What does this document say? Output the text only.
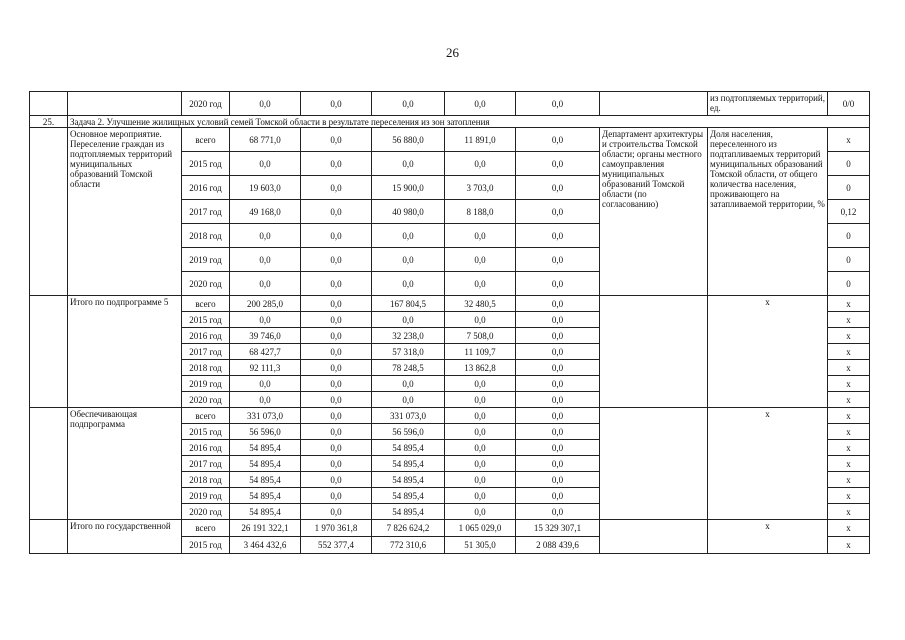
26
		2020 год	0,0	0,0	0,0	0,0	0,0		из подтопляемых территорий, ед.	0/0
25.	Задача 2. Улучшение жилищных условий семей Томской области в результате переселения из зон затопления									
	Основное мероприятие. Переселение граждан из подтопляемых территорий муниципальных образований Томской области	всего	68 771,0	0,0	56 880,0	11 891,0	0,0	Департамент архитектуры и строительства Томской области; органы местного самоуправления муниципальных образований Томской области (по согласованию)	Доля населения, переселенного из подтапливаемых территорий муниципальных образований Томской области, от общего количества населения, проживающего на затапливаемой территории, %	x
		2015 год	0,0	0,0	0,0	0,0	0,0			0
		2016 год	19 603,0	0,0	15 900,0	3 703,0	0,0			0
		2017 год	49 168,0	0,0	40 980,0	8 188,0	0,0			0,12
		2018 год	0,0	0,0	0,0	0,0	0,0			0
		2019 год	0,0	0,0	0,0	0,0	0,0			0
		2020 год	0,0	0,0	0,0	0,0	0,0			0
	Итого по подпрограмме 5	всего	200 285,0	0,0	167 804,5	32 480,5	0,0		х	х
		2015 год	0,0	0,0	0,0	0,0	0,0			х
		2016 год	39 746,0	0,0	32 238,0	7 508,0	0,0			х
		2017 год	68 427,7	0,0	57 318,0	11 109,7	0,0			х
		2018 год	92 111,3	0,0	78 248,5	13 862,8	0,0			х
		2019 год	0,0	0,0	0,0	0,0	0,0			х
		2020 год	0,0	0,0	0,0	0,0	0,0			х
	Обеспечивающая подпрограмма	всего	331 073,0	0,0	331 073,0	0,0	0,0		х	х
		2015 год	56 596,0	0,0	56 596,0	0,0	0,0			х
		2016 год	54 895,4	0,0	54 895,4	0,0	0,0			х
		2017 год	54 895,4	0,0	54 895,4	0,0	0,0			х
		2018 год	54 895,4	0,0	54 895,4	0,0	0,0			х
		2019 год	54 895,4	0,0	54 895,4	0,0	0,0			х
		2020 год	54 895,4	0,0	54 895,4	0,0	0,0			х
	Итого по государственной	всего	26 191 322,1	1 970 361,8	7 826 624,2	1 065 029,0	15 329 307,1		х	х
		2015 год	3 464 432,6	552 377,4	772 310,6	51 305,0	2 088 439,6			х
